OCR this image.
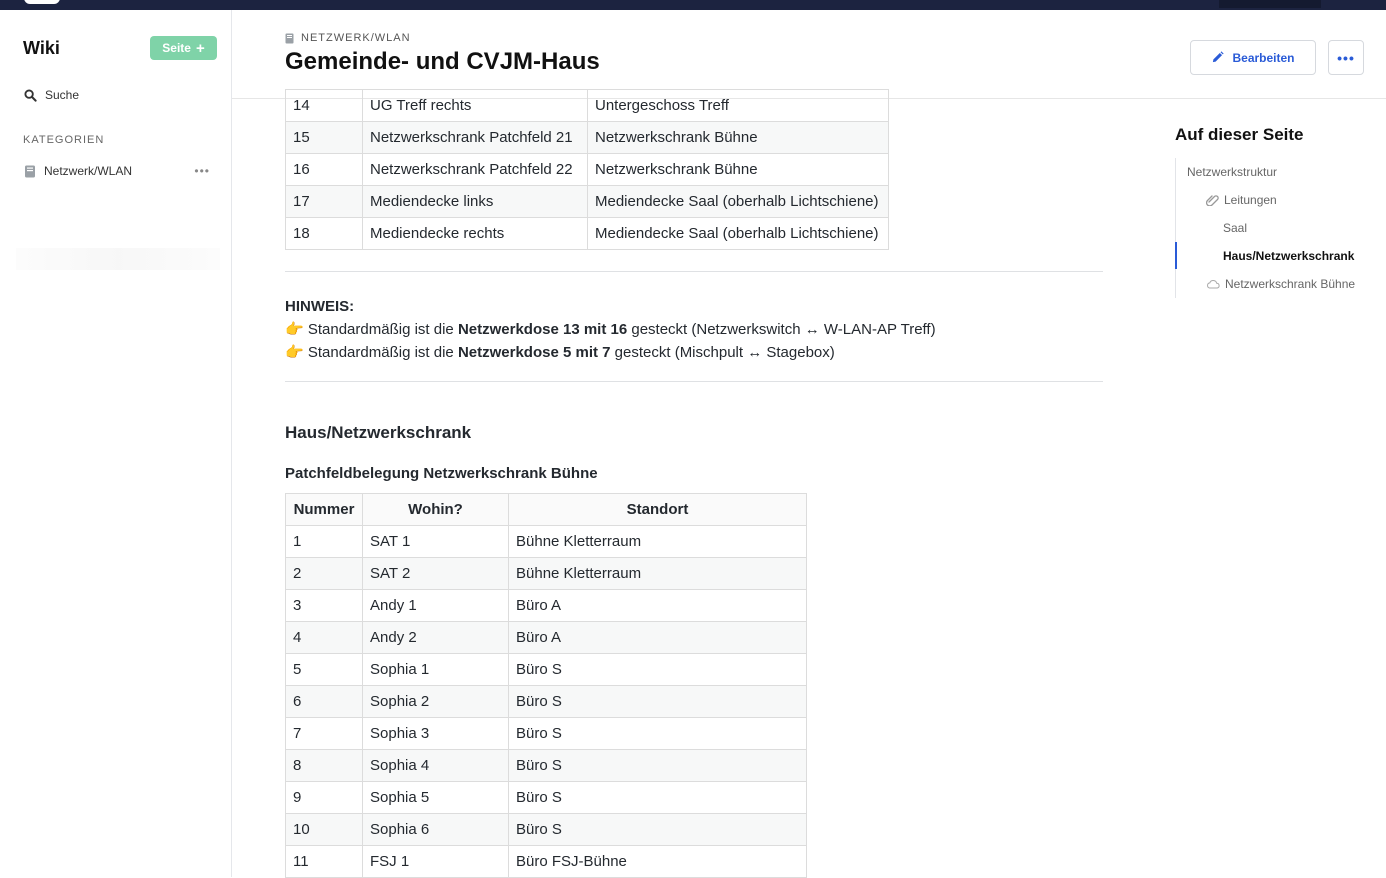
Wiki	Seite +
Suche
KATEGORIEN
Netzwerk/WLAN	•••
NETZWERK/WLAN
Gemeinde- und CVJM-Haus	Bearbeiten	•••
14	UG Treff rechts	Untergeschoss Treff
15	Netzwerkschrank Patchfeld 21	Netzwerkschrank Bühne
16	Netzwerkschrank Patchfeld 22	Netzwerkschrank Bühne
17	Mediendecke links	Mediendecke Saal (oberhalb Lichtschiene)
18	Mediendecke rechts	Mediendecke Saal (oberhalb Lichtschiene)
HINWEIS:
👉 Standardmäßig ist die Netzwerkdose 13 mit 16 gesteckt (Netzwerkswitch ↔ W-LAN-AP Treff)
👉 Standardmäßig ist die Netzwerkdose 5 mit 7 gesteckt (Mischpult ↔ Stagebox)
Haus/Netzwerkschrank
Patchfeldbelegung Netzwerkschrank Bühne
Nummer	Wohin?	Standort
1	SAT 1	Bühne Kletterraum
2	SAT 2	Bühne Kletterraum
3	Andy 1	Büro A
4	Andy 2	Büro A
5	Sophia 1	Büro S
6	Sophia 2	Büro S
7	Sophia 3	Büro S
8	Sophia 4	Büro S
9	Sophia 5	Büro S
10	Sophia 6	Büro S
11	FSJ 1	Büro FSJ-Bühne
Auf dieser Seite
Netzwerkstruktur
Leitungen
Saal
Haus/Netzwerkschrank
Netzwerkschrank Bühne
